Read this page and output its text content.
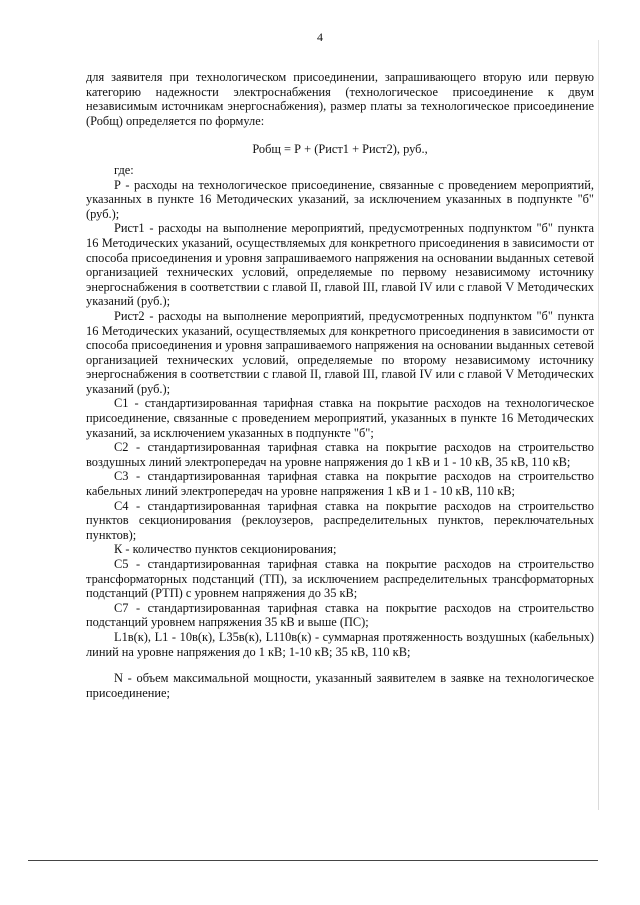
4

для заявителя при технологическом присоединении, запрашивающего вторую или первую категорию надежности электроснабжения (технологическое присоединение к двум независимым источникам энергоснабжения), размер платы за технологическое присоединение (Робщ) определяется по формуле:

Робщ = Р + (Рист1 + Рист2), руб.,

где:

Р - расходы на технологическое присоединение, связанные с проведением мероприятий, указанных в пункте 16 Методических указаний, за исключением указанных в подпункте "б" (руб.);

Рист1 - расходы на выполнение мероприятий, предусмотренных подпунктом "б" пункта 16 Методических указаний, осуществляемых для конкретного присоединения в зависимости от способа присоединения и уровня запрашиваемого напряжения на основании выданных сетевой организацией технических условий, определяемые по первому независимому источнику энергоснабжения в соответствии с главой II, главой III, главой IV или с главой V Методических указаний (руб.);

Рист2 - расходы на выполнение мероприятий, предусмотренных подпунктом "б" пункта 16 Методических указаний, осуществляемых для конкретного присоединения в зависимости от способа присоединения и уровня запрашиваемого напряжения на основании выданных сетевой организацией технических условий, определяемые по второму независимому источнику энергоснабжения в соответствии с главой II, главой III, главой IV или с главой V Методических указаний (руб.);

С1 - стандартизированная тарифная ставка на покрытие расходов на технологическое присоединение, связанные с проведением мероприятий, указанных в пункте 16 Методических указаний, за исключением указанных в подпункте "б";

С2 - стандартизированная тарифная ставка на покрытие расходов на строительство воздушных линий электропередач на уровне напряжения до 1 кВ и 1 - 10 кВ, 35 кВ, 110 кВ;

С3 - стандартизированная тарифная ставка на покрытие расходов на строительство кабельных линий электропередач на уровне напряжения 1 кВ и 1 - 10 кВ, 110 кВ;

С4 - стандартизированная тарифная ставка на покрытие расходов на строительство пунктов секционирования (реклоузеров, распределительных пунктов, переключательных пунктов);

К - количество пунктов секционирования;

С5 - стандартизированная тарифная ставка на покрытие расходов на строительство трансформаторных подстанций (ТП), за исключением распределительных трансформаторных подстанций (РТП) с уровнем напряжения до 35 кВ;

С7 - стандартизированная тарифная ставка на покрытие расходов на строительство подстанций уровнем напряжения 35 кВ и выше (ПС);

L1в(к), L1 - 10в(к), L35в(к), L110в(к) - суммарная протяженность воздушных (кабельных) линий на уровне напряжения до 1 кВ; 1-10 кВ; 35 кВ, 110 кВ;

N - объем максимальной мощности, указанный заявителем в заявке на технологическое присоединение;
